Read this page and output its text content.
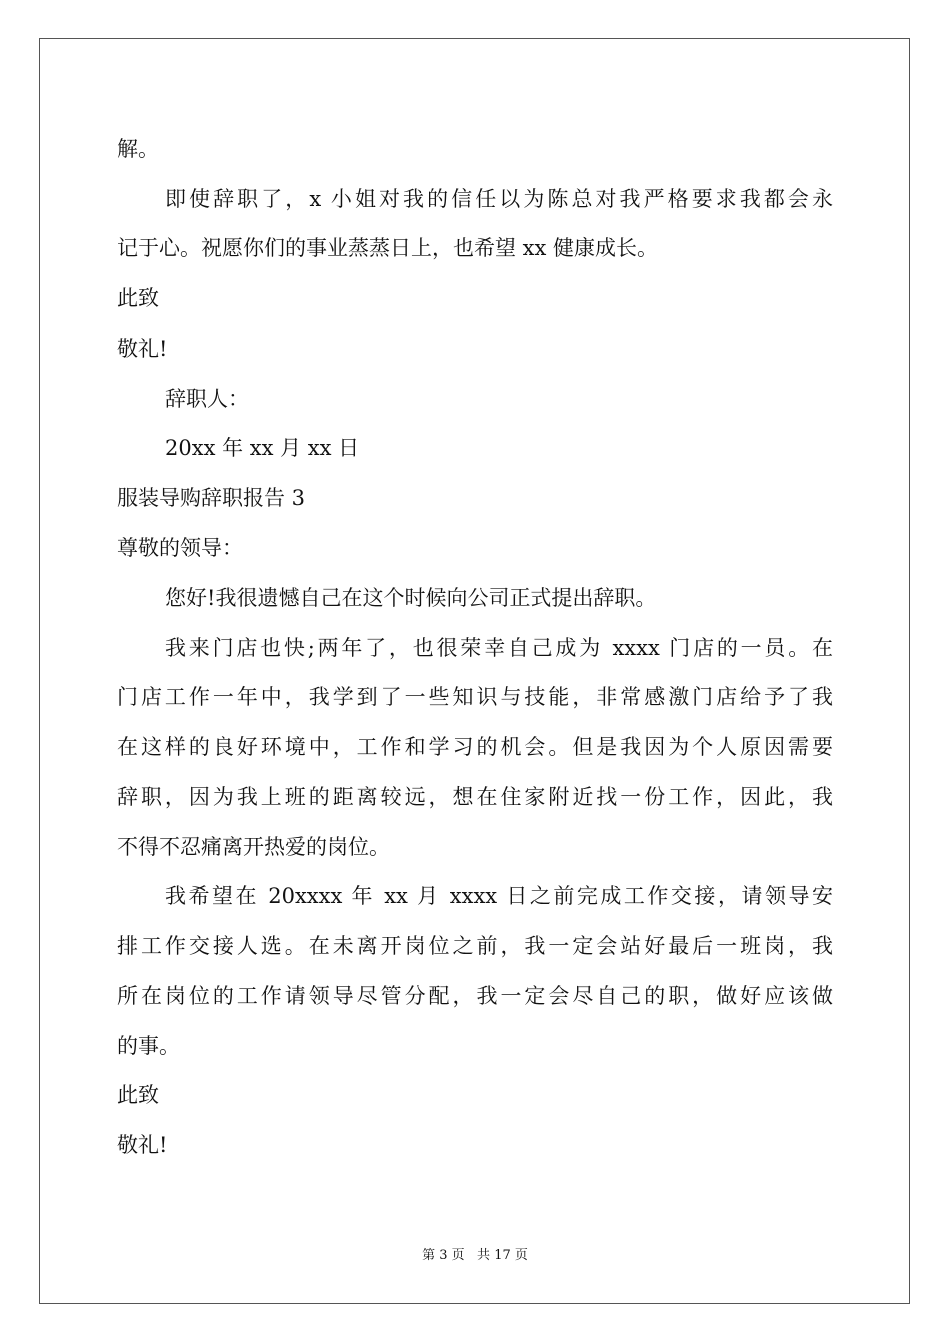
解。
即使辞职了，x 小姐对我的信任以为陈总对我严格要求我都会永
记于心。祝愿你们的事业蒸蒸日上，也希望 xx 健康成长。
此致
敬礼!
辞职人：
20xx 年 xx 月 xx 日
服装导购辞职报告 3
尊敬的领导：
您好!我很遗憾自己在这个时候向公司正式提出辞职。
我来门店也快;两年了，也很荣幸自己成为 xxxx 门店的一员。在
门店工作一年中，我学到了一些知识与技能，非常感激门店给予了我
在这样的良好环境中，工作和学习的机会。但是我因为个人原因需要
辞职，因为我上班的距离较远，想在住家附近找一份工作，因此，我
不得不忍痛离开热爱的岗位。
我希望在 20xxxx 年 xx 月 xxxx 日之前完成工作交接，请领导安
排工作交接人选。在未离开岗位之前，我一定会站好最后一班岗，我
所在岗位的工作请领导尽管分配，我一定会尽自己的职，做好应该做
的事。
此致
敬礼!
第 3 页   共 17 页
